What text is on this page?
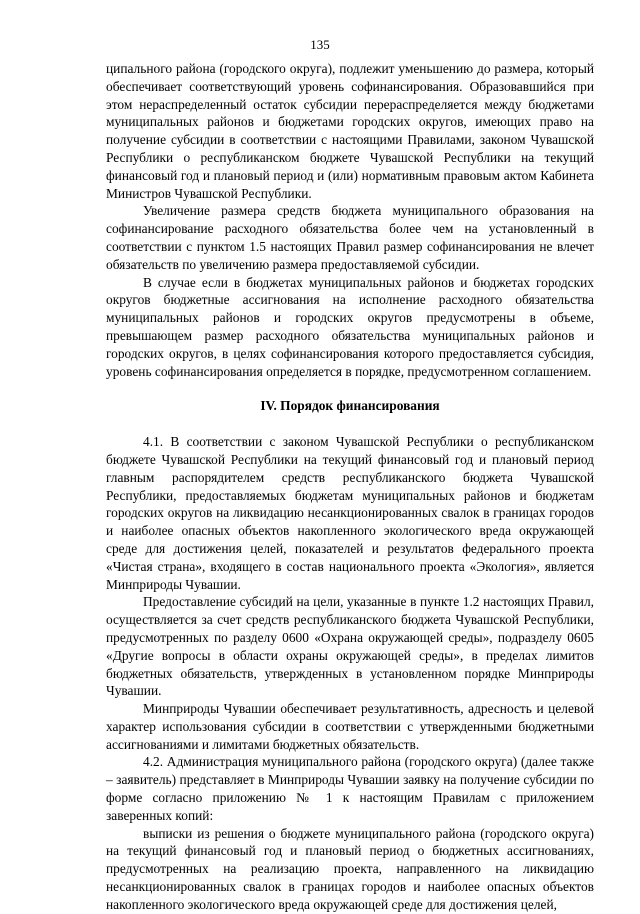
135

ципального района (городского округа), подлежит уменьшению до размера, который обеспечивает соответствующий уровень софинансирования. Образовавшийся при этом нераспределенный остаток субсидии перераспределяется между бюджетами муниципальных районов и бюджетами городских округов, имеющих право на получение субсидии в соответствии с настоящими Правилами, законом Чувашской Республики о республиканском бюджете Чувашской Республики на текущий финансовый год и плановый период и (или) нормативным правовым актом Кабинета Министров Чувашской Республики.

Увеличение размера средств бюджета муниципального образования на софинансирование расходного обязательства более чем на установленный в соответствии с пунктом 1.5 настоящих Правил размер софинансирования не влечет обязательств по увеличению размера предоставляемой субсидии.

В случае если в бюджетах муниципальных районов и бюджетах городских округов бюджетные ассигнования на исполнение расходного обязательства муниципальных районов и городских округов предусмотрены в объеме, превышающем размер расходного обязательства муниципальных районов и городских округов, в целях софинансирования которого предоставляется субсидия, уровень софинансирования определяется в порядке, предусмотренном соглашением.

IV. Порядок финансирования

4.1. В соответствии с законом Чувашской Республики о республиканском бюджете Чувашской Республики на текущий финансовый год и плановый период главным распорядителем средств республиканского бюджета Чувашской Республики, предоставляемых бюджетам муниципальных районов и бюджетам городских округов на ликвидацию несанкционированных свалок в границах городов и наиболее опасных объектов накопленного экологического вреда окружающей среде для достижения целей, показателей и результатов федерального проекта «Чистая страна», входящего в состав национального проекта «Экология», является Минприроды Чувашии.

Предоставление субсидий на цели, указанные в пункте 1.2 настоящих Правил, осуществляется за счет средств республиканского бюджета Чувашской Республики, предусмотренных по разделу 0600 «Охрана окружающей среды», подразделу 0605 «Другие вопросы в области охраны окружающей среды», в пределах лимитов бюджетных обязательств, утвержденных в установленном порядке Минприроды Чувашии.

Минприроды Чувашии обеспечивает результативность, адресность и целевой характер использования субсидии в соответствии с утвержденными бюджетными ассигнованиями и лимитами бюджетных обязательств.

4.2. Администрация муниципального района (городского округа) (далее также – заявитель) представляет в Минприроды Чувашии заявку на получение субсидии по форме согласно приложению № 1 к настоящим Правилам с приложением заверенных копий:

выписки из решения о бюджете муниципального района (городского округа) на текущий финансовый год и плановый период о бюджетных ассигнованиях, предусмотренных на реализацию проекта, направленного на ликвидацию несанкционированных свалок в границах городов и наиболее опасных объектов накопленного экологического вреда окружающей среде для достижения целей,
